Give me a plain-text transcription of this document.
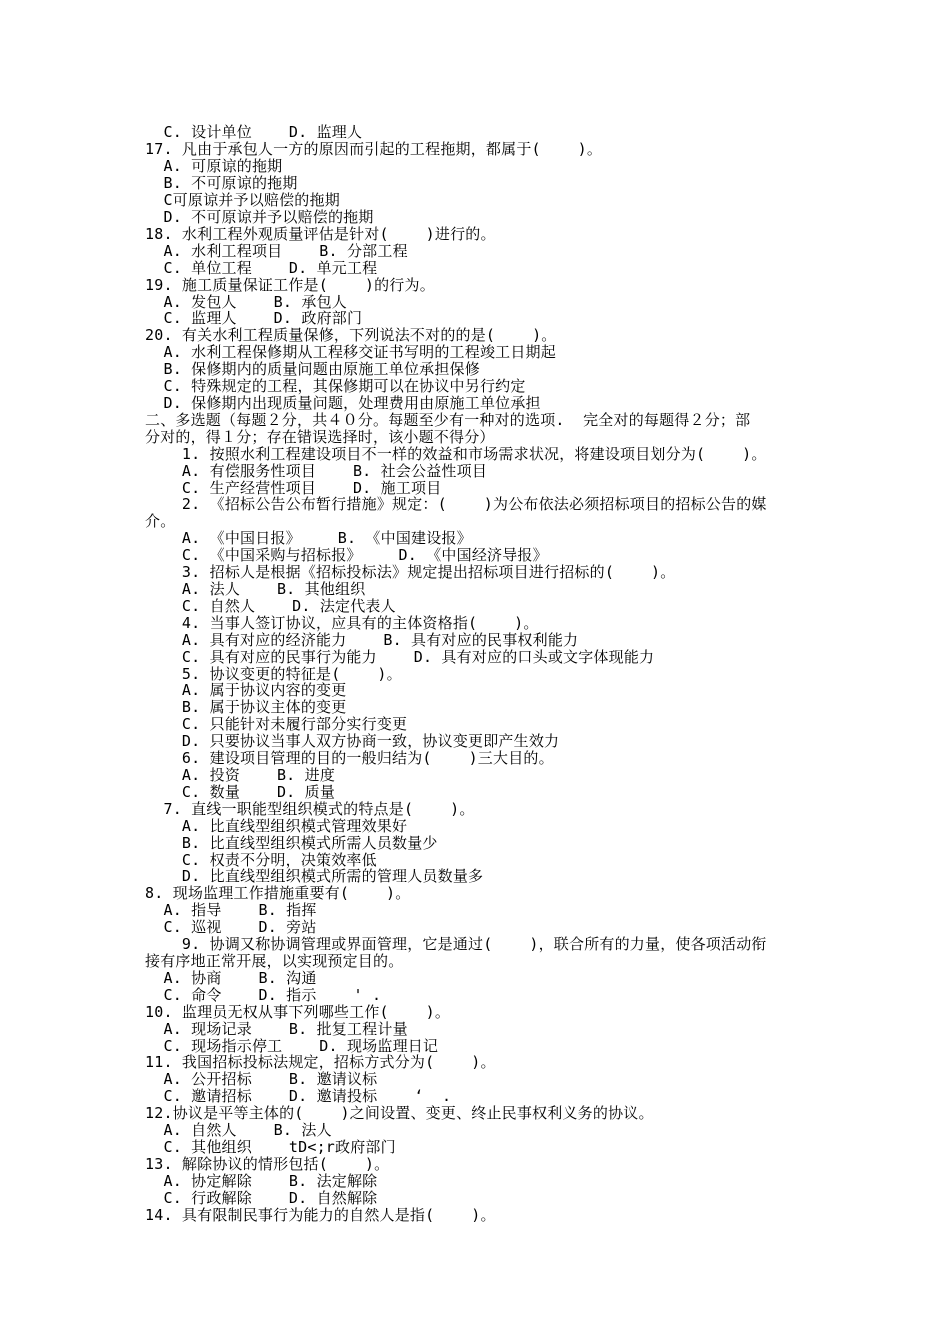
C. 设计单位    D. 监理人
17. 凡由于承包人一方的原因而引起的工程拖期，都属于(    )。
A. 可原谅的拖期
B. 不可原谅的拖期
C可原谅并予以赔偿的拖期
D. 不可原谅并予以赔偿的拖期
18. 水利工程外观质量评估是针对(    )进行的。
A. 水利工程项目    B. 分部工程
C. 单位工程    D. 单元工程
19. 施工质量保证工作是(    )的行为。
A. 发包人    B. 承包人
C. 监理人    D. 政府部门
20. 有关水利工程质量保修，下列说法不对的的是(    )。
A. 水利工程保修期从工程移交证书写明的工程竣工日期起
B. 保修期内的质量问题由原施工单位承担保修
C. 特殊规定的工程，其保修期可以在协议中另行约定
D. 保修期内出现质量问题，处理费用由原施工单位承担
二、多选题（每题２分，共４０分。每题至少有一种对的选项.  完全对的每题得２分；部
分对的，得１分；存在错误选择时，该小题不得分）
1. 按照水利工程建设项目不一样的效益和市场需求状况，将建设项目划分为(    )。
A. 有偿服务性项目    B. 社会公益性项目
C. 生产经营性项目    D. 施工项目
2. 《招标公告公布暂行措施》规定：(    )为公布依法必须招标项目的招标公告的媒
介。
A. 《中国日报》    B. 《中国建设报》
C. 《中国采购与招标报》    D. 《中国经济导报》
3. 招标人是根据《招标投标法》规定提出招标项目进行招标的(    )。
A. 法人    B. 其他组织
C. 自然人    D. 法定代表人
4. 当事人签订协议，应具有的主体资格指(    )。
A. 具有对应的经济能力    B. 具有对应的民事权利能力
C. 具有对应的民事行为能力    D. 具有对应的口头或文字体现能力
5. 协议变更的特征是(    )。
A. 属于协议内容的变更
B. 属于协议主体的变更
C. 只能针对未履行部分实行变更
D. 只要协议当事人双方协商一致，协议变更即产生效力
6. 建设项目管理的目的一般归结为(    )三大目的。
A. 投资    B. 进度
C. 数量    D. 质量
7. 直线一职能型组织模式的特点是(    )。
A. 比直线型组织模式管理效果好
B. 比直线型组织模式所需人员数量少
C. 权责不分明，决策效率低
D. 比直线型组织模式所需的管理人员数量多
8. 现场监理工作措施重要有(    )。
A. 指导    B. 指挥
C. 巡视    D. 旁站
9. 协调又称协调管理或界面管理，它是通过(    )，联合所有的力量，使各项活动衔
接有序地正常开展，以实现预定目的。
A. 协商    B. 沟通
C. 命令    D. 指示    ' .
10. 监理员无权从事下列哪些工作(    )。
A. 现场记录    B. 批复工程计量
C. 现场指示停工    D. 现场监理日记
11. 我国招标投标法规定，招标方式分为(    )。
A. 公开招标    B. 邀请议标
C. 邀请招标    D. 邀请投标    ‘  .
12.协议是平等主体的(    )之间设置、变更、终止民事权利义务的协议。
A. 自然人    B. 法人
C. 其他组织    tD<;r政府部门
13. 解除协议的情形包括(    )。
A. 协定解除    B. 法定解除
C. 行政解除    D. 自然解除
14. 具有限制民事行为能力的自然人是指(    )。
